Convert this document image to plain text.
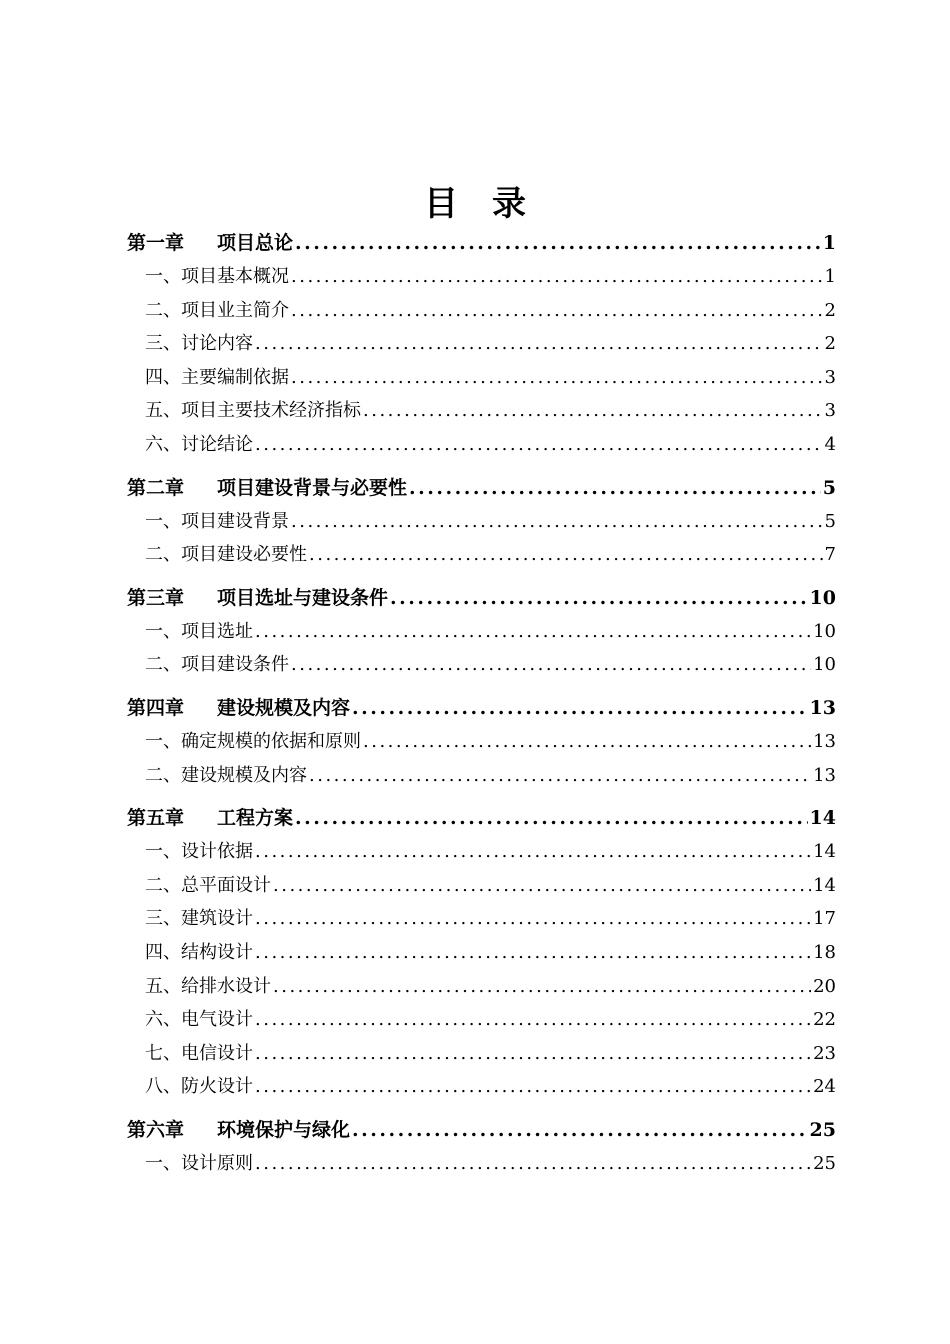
目　录
第一章 项目总论 .....	1
一、项目基本概况 .....	1
二、项目业主简介 .....	2
三、讨论内容 .....	2
四、主要编制依据 .....	3
五、项目主要技术经济指标 .....	3
六、讨论结论 .....	4
第二章 项目建设背景与必要性 .....	5
一、项目建设背景 .....	5
二、项目建设必要性 .....	7
第三章 项目选址与建设条件 .....	10
一、项目选址 .....	10
二、项目建设条件 .....	10
第四章 建设规模及内容 .....	13
一、确定规模的依据和原则 .....	13
二、建设规模及内容 .....	13
第五章 工程方案 .....	14
一、设计依据 .....	14
二、总平面设计 .....	14
三、建筑设计 .....	17
四、结构设计 .....	18
五、给排水设计 .....	20
六、电气设计 .....	22
七、电信设计 .....	23
八、防火设计 .....	24
第六章 环境保护与绿化 .....	25
一、设计原则 .....	25
